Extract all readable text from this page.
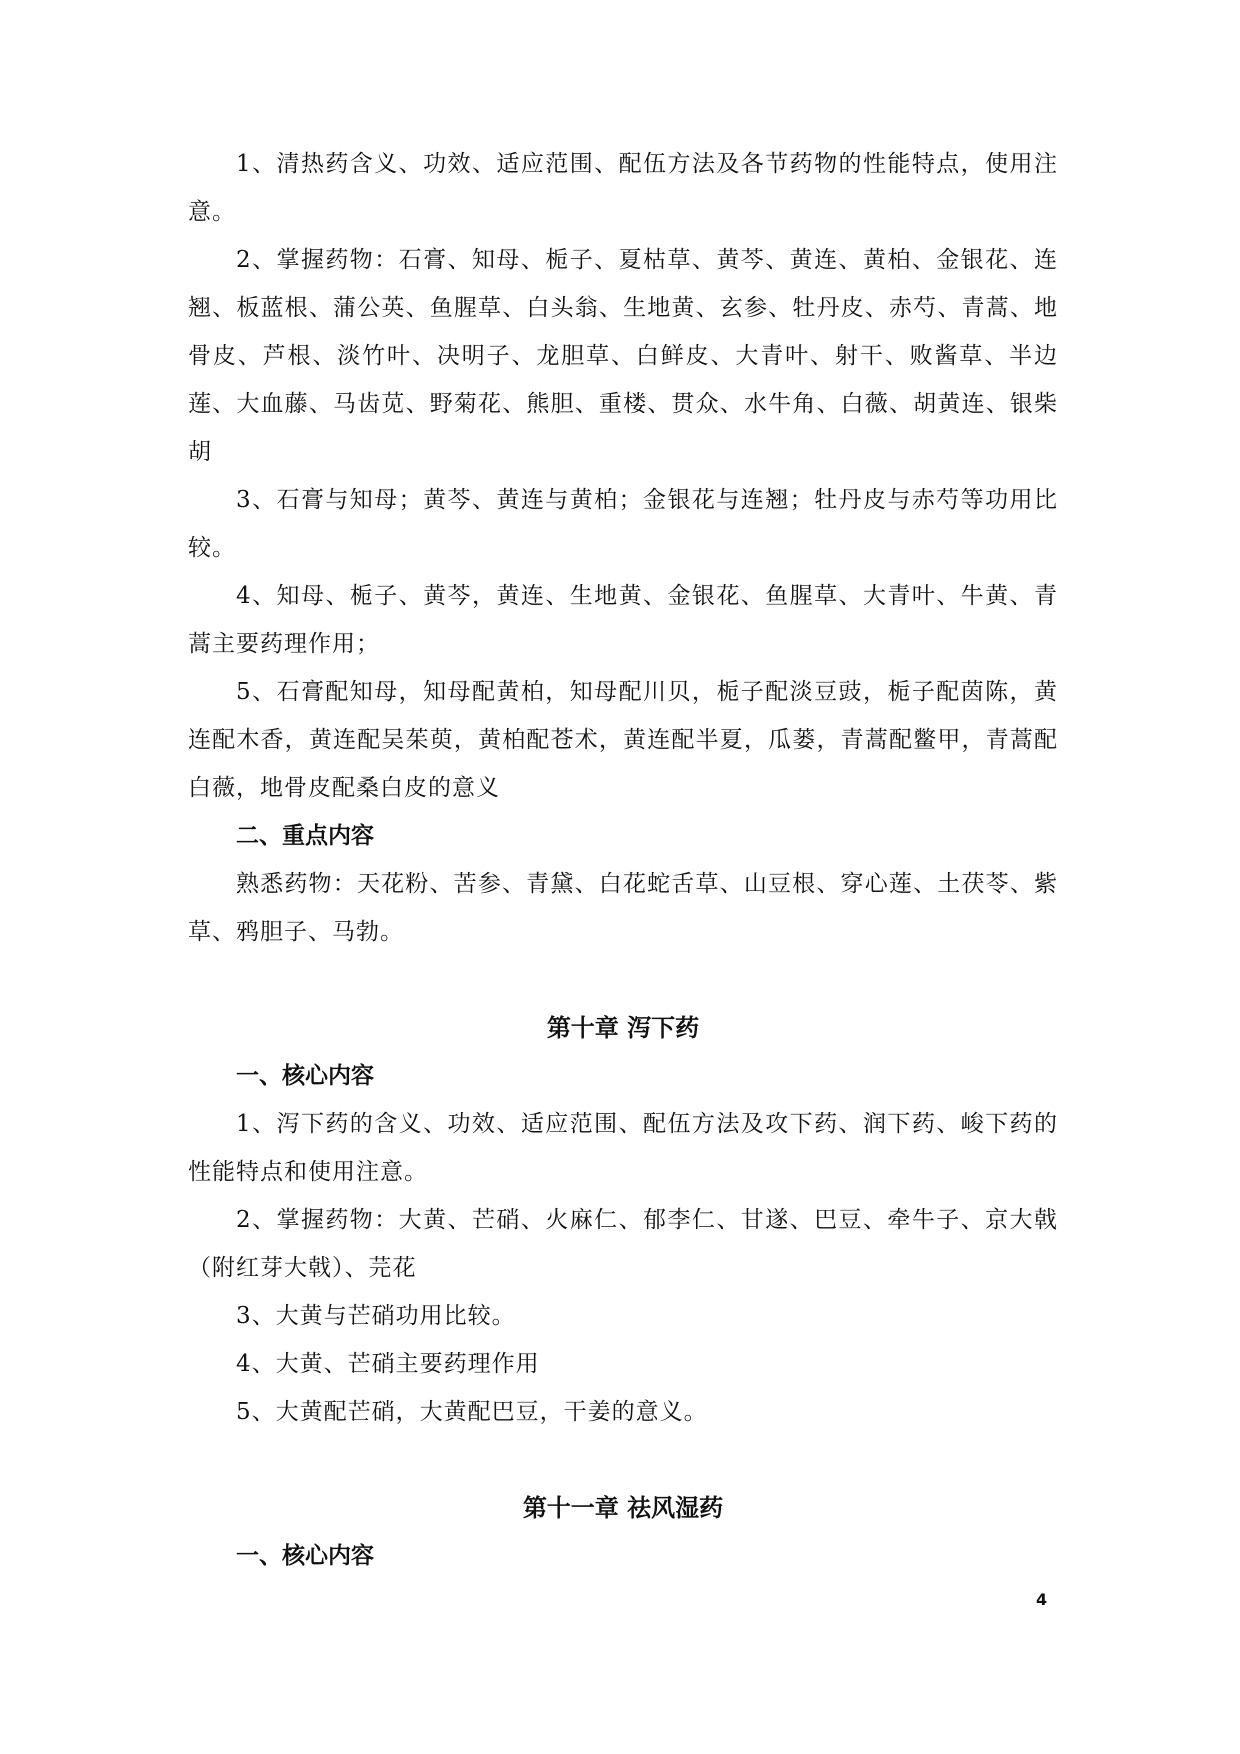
1、清热药含义、功效、适应范围、配伍方法及各节药物的性能特点，使用注意。

2、掌握药物：石膏、知母、栀子、夏枯草、黄芩、黄连、黄柏、金银花、连翘、板蓝根、蒲公英、鱼腥草、白头翁、生地黄、玄参、牡丹皮、赤芍、青蒿、地骨皮、芦根、淡竹叶、决明子、龙胆草、白鲜皮、大青叶、射干、败酱草、半边莲、大血藤、马齿苋、野菊花、熊胆、重楼、贯众、水牛角、白薇、胡黄连、银柴胡

3、石膏与知母；黄芩、黄连与黄柏；金银花与连翘；牡丹皮与赤芍等功用比较。

4、知母、栀子、黄芩，黄连、生地黄、金银花、鱼腥草、大青叶、牛黄、青蒿主要药理作用；

5、石膏配知母，知母配黄柏，知母配川贝，栀子配淡豆豉，栀子配茵陈，黄连配木香，黄连配吴茱萸，黄柏配苍术，黄连配半夏，瓜蒌，青蒿配鳖甲，青蒿配白薇，地骨皮配桑白皮的意义

二、重点内容

熟悉药物：天花粉、苦参、青黛、白花蛇舌草、山豆根、穿心莲、土茯苓、紫草、鸦胆子、马勃。

第十章 泻下药

一、核心内容

1、泻下药的含义、功效、适应范围、配伍方法及攻下药、润下药、峻下药的性能特点和使用注意。

2、掌握药物：大黄、芒硝、火麻仁、郁李仁、甘遂、巴豆、牵牛子、京大戟（附红芽大戟）、芫花

3、大黄与芒硝功用比较。

4、大黄、芒硝主要药理作用

5、大黄配芒硝，大黄配巴豆，干姜的意义。

第十一章 祛风湿药

一、核心内容

4
